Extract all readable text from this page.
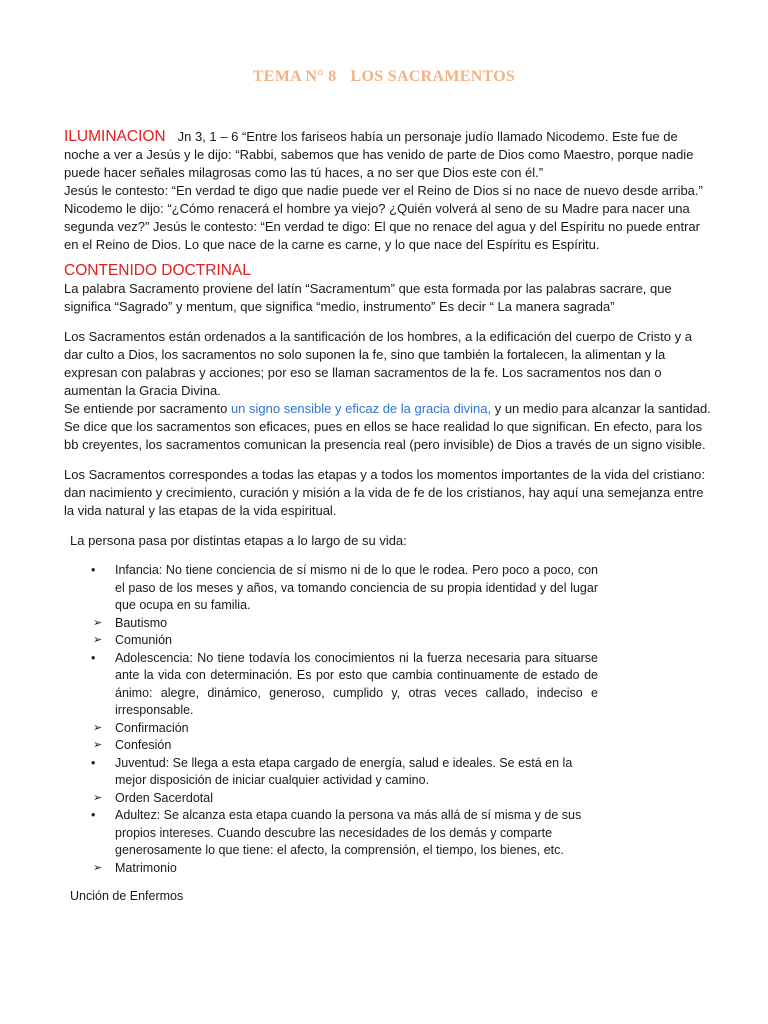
TEMA N° 8 LOS SACRAMENTOS
ILUMINACION Jn 3, 1 – 6 “Entre los fariseos había un personaje judío llamado Nicodemo. Este fue de
noche a ver a Jesús y le dijo: “Rabbi, sabemos que has venido de parte de Dios como Maestro, porque nadie
puede hacer señales milagrosas como las tú haces, a no ser que Dios este con él.”
Jesús le contesto: “En verdad te digo que nadie puede ver el Reino de Dios si no nace de nuevo desde arriba.”
Nicodemo le dijo: “¿Cómo renacerá el hombre ya viejo? ¿Quién volverá al seno de su Madre para nacer una
segunda vez?” Jesús le contesto: “En verdad te digo: El que no renace del agua y del Espíritu no puede entrar
en el Reino de Dios. Lo que nace de la carne es carne, y lo que nace del Espíritu es Espíritu.
CONTENIDO DOCTRINAL

La palabra Sacramento proviene del latín “Sacramentum” que esta formada por las palabras sacrare, que significa “Sagrado” y mentum, que significa “medio, instrumento” Es decir “ La manera sagrada”

Los Sacramentos están ordenados a la santificación de los hombres, a la edificación del cuerpo de Cristo y a dar culto a Dios, los sacramentos no solo suponen la fe, sino que también la fortalecen, la alimentan y la expresan con palabras y acciones; por eso se llaman sacramentos de la fe. Los sacramentos nos dan o aumentan la Gracia Divina.
Se entiende por sacramento un signo sensible y eficaz de la gracia divina, y un medio para alcanzar la santidad. Se dice que los sacramentos son eficaces, pues en ellos se hace realidad lo que significan. En efecto, para los bb creyentes, los sacramentos comunican la presencia real (pero invisible) de Dios a través de un signo visible.

Los Sacramentos correspondes a todas las etapas y a todos los momentos importantes de la vida del cristiano: dan nacimiento y crecimiento, curación y misión a la vida de fe de los cristianos, hay aquí una semejanza entre la vida natural y las etapas de la vida espiritual.

La persona pasa por distintas etapas a lo largo de su vida:
• Infancia: No tiene conciencia de sí mismo ni de lo que le rodea. Pero poco a poco, con el paso de los meses y años, va tomando conciencia de su propia identidad y del lugar que ocupa en su familia.
➢ Bautismo
➢ Comunión
• Adolescencia: No tiene todavía los conocimientos ni la fuerza necesaria para situarse ante la vida con determinación. Es por esto que cambia continuamente de estado de ánimo: alegre, dinámico, generoso, cumplido y, otras veces callado, indeciso e irresponsable.
➢ Confirmación
➢ Confesión
• Juventud: Se llega a esta etapa cargado de energía, salud e ideales. Se está en la mejor disposición de iniciar cualquier actividad y camino.
➢ Orden Sacerdotal
• Adultez: Se alcanza esta etapa cuando la persona va más allá de sí misma y de sus propios intereses. Cuando descubre las necesidades de los demás y comparte generosamente lo que tiene: el afecto, la comprensión, el tiempo, los bienes, etc.
➢ Matrimonio
Unción de Enfermos
